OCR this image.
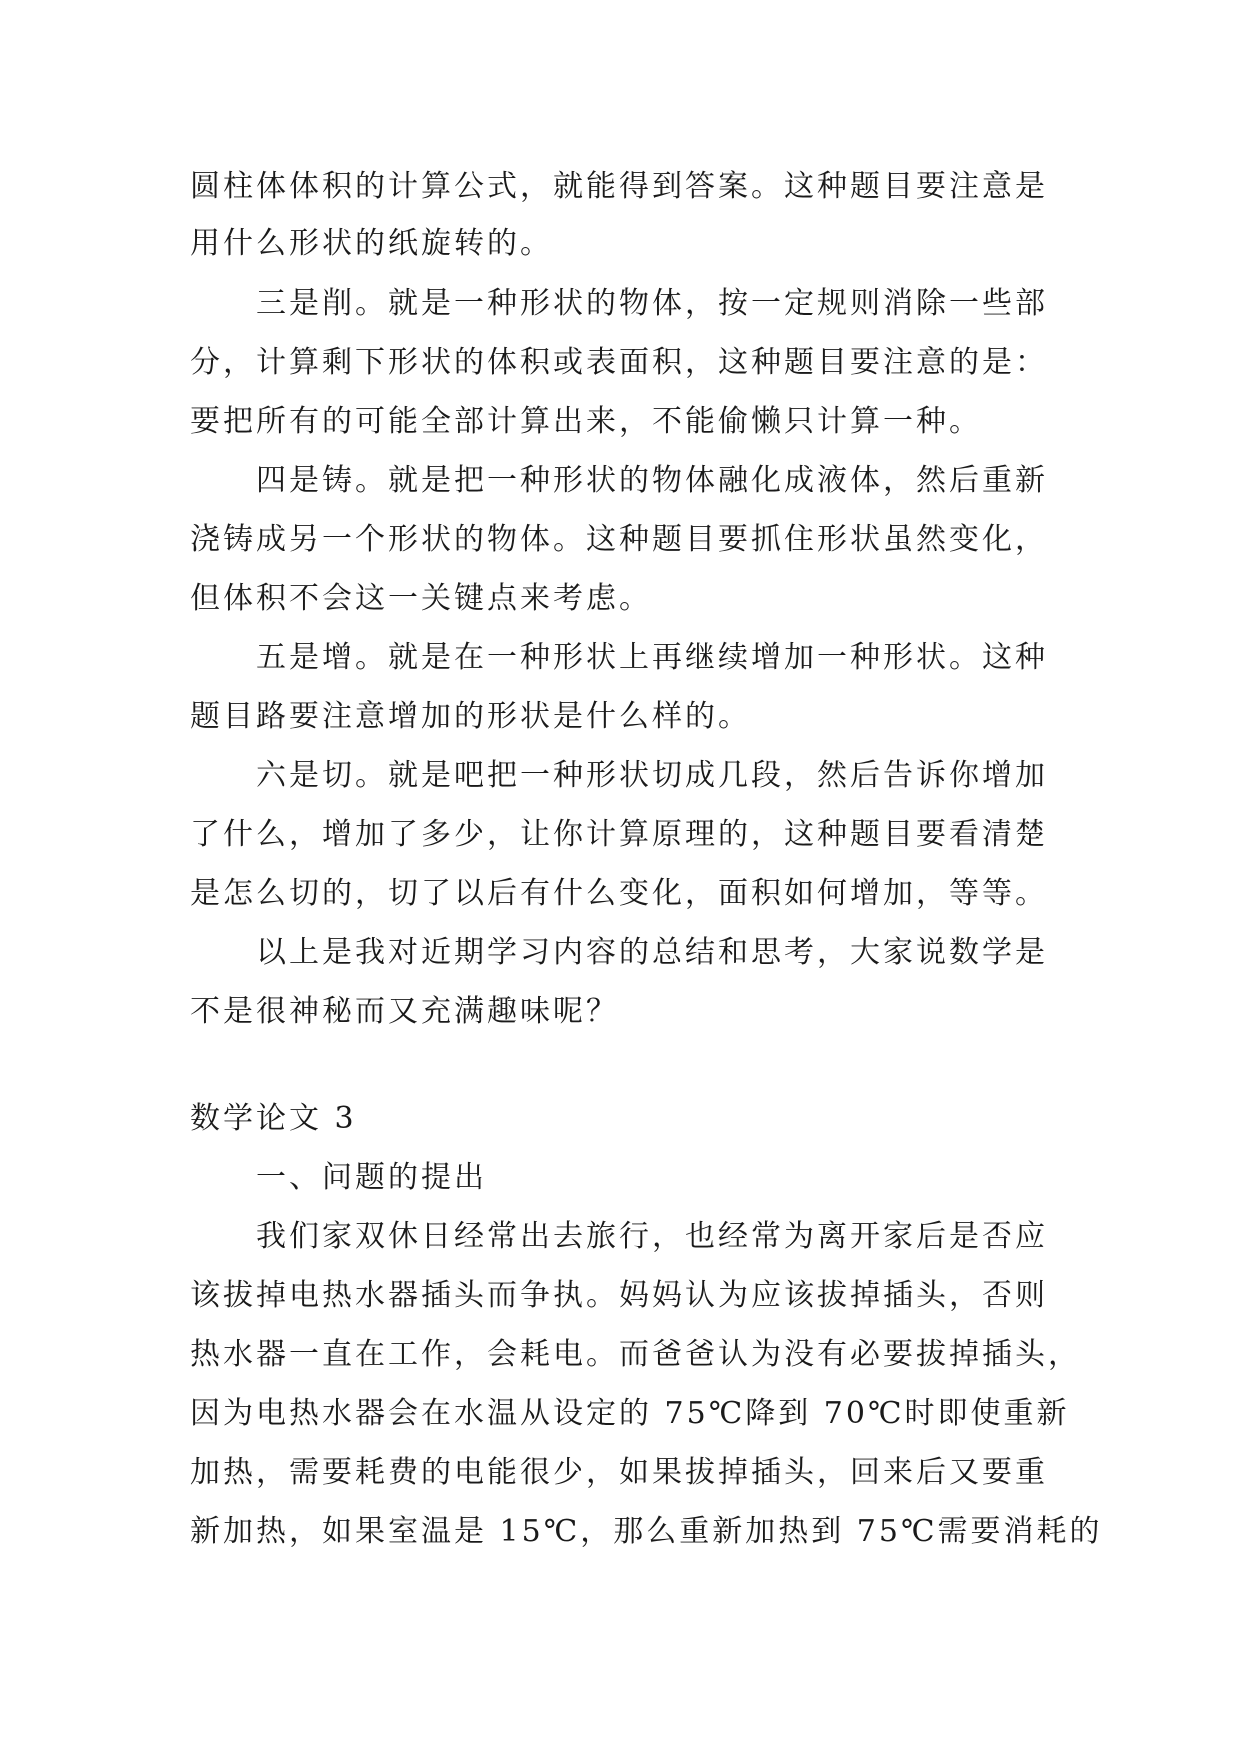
圆柱体体积的计算公式，就能得到答案。这种题目要注意是
用什么形状的纸旋转的。
三是削。就是一种形状的物体，按一定规则消除一些部
分，计算剩下形状的体积或表面积，这种题目要注意的是：
要把所有的可能全部计算出来，不能偷懒只计算一种。
四是铸。就是把一种形状的物体融化成液体，然后重新
浇铸成另一个形状的物体。这种题目要抓住形状虽然变化，
但体积不会这一关键点来考虑。
五是增。就是在一种形状上再继续增加一种形状。这种
题目路要注意增加的形状是什么样的。
六是切。就是吧把一种形状切成几段，然后告诉你增加
了什么，增加了多少，让你计算原理的，这种题目要看清楚
是怎么切的，切了以后有什么变化，面积如何增加，等等。
以上是我对近期学习内容的总结和思考，大家说数学是
不是很神秘而又充满趣味呢？
数学论文 3
一、问题的提出
我们家双休日经常出去旅行，也经常为离开家后是否应
该拔掉电热水器插头而争执。妈妈认为应该拔掉插头，否则
热水器一直在工作，会耗电。而爸爸认为没有必要拔掉插头，
因为电热水器会在水温从设定的 75℃降到 70℃时即使重新
加热，需要耗费的电能很少，如果拔掉插头，回来后又要重
新加热，如果室温是 15℃，那么重新加热到 75℃需要消耗的
